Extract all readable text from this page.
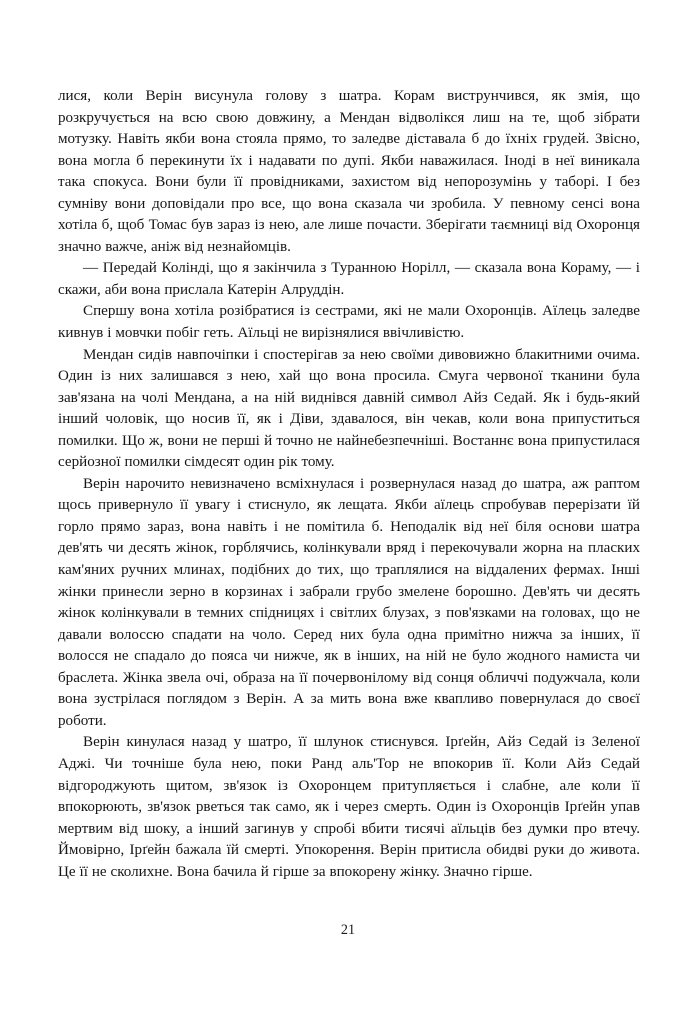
лися, коли Верін висунула голову з шатра. Корам виструнчився, як змія, що розкручується на всю свою довжину, а Мендан відволікся лиш на те, щоб зібрати мотузку. Навіть якби вона стояла прямо, то заледве діставала б до їхніх грудей. Звісно, вона могла б перекинути їх і надавати по дупі. Якби наважилася. Іноді в неї виникала така спокуса. Вони були її провідниками, захистом від непорозумінь у таборі. І без сумніву вони доповідали про все, що вона сказала чи зробила. У певному сенсі вона хотіла б, щоб Томас був зараз із нею, але лише почасти. Зберігати таємниці від Охоронця значно важче, аніж від незнайомців.

— Передай Колінді, що я закінчила з Туранною Норілл, — сказала вона Кораму, — і скажи, аби вона прислала Катерін Алруддін.

Спершу вона хотіла розібратися із сестрами, які не мали Охоронців. Аїлець заледве кивнув і мовчки побіг геть. Аїльці не вирізнялися ввічливістю.

Мендан сидів навпочіпки і спостерігав за нею своїми дивовижно блакитними очима. Один із них залишався з нею, хай що вона просила. Смуга червоної тканини була зав'язана на чолі Мендана, а на ній виднівся давній символ Айз Седай. Як і будь-який інший чоловік, що носив її, як і Діви, здавалося, він чекав, коли вона припуститься помилки. Що ж, вони не перші й точно не найнебезпечніші. Востаннє вона припустилася серйозної помилки сімдесят один рік тому.

Верін нарочито невизначено всміхнулася і розвернулася назад до шатра, аж раптом щось привернуло її увагу і стиснуло, як лещата. Якби аїлець спробував перерізати їй горло прямо зараз, вона навіть і не помітила б. Неподалік від неї біля основи шатра дев'ять чи десять жінок, горблячись, колінкували вряд і перекочували жорна на пласких кам'яних ручних млинах, подібних до тих, що траплялися на віддалених фермах. Інші жінки принесли зерно в корзинах і забрали грубо змелене борошно. Дев'ять чи десять жінок колінкували в темних спідницях і світлих блузах, з пов'язками на головах, що не давали волоссю спадати на чоло. Серед них була одна примітно нижча за інших, її волосся не спадало до пояса чи нижче, як в інших, на ній не було жодного намиста чи браслета. Жінка звела очі, образа на її почервонілому від сонця обличчі подужчала, коли вона зустрілася поглядом з Верін. А за мить вона вже квапливо повернулася до своєї роботи.

Верін кинулася назад у шатро, її шлунок стиснувся. Ірґейн, Айз Седай із Зеленої Аджі. Чи точніше була нею, поки Ранд аль'Тор не впокорив її. Коли Айз Седай відгороджують щитом, зв'язок із Охоронцем притупляється і слабне, але коли її впокорюють, зв'язок рветься так само, як і через смерть. Один із Охоронців Ірґейн упав мертвим від шоку, а інший загинув у спробі вбити тисячі аїльців без думки про втечу. Ймовірно, Ірґейн бажала їй смерті. Упокорення. Верін притисла обидві руки до живота. Це її не сколихне. Вона бачила й гірше за впокорену жінку. Значно гірше.

21
